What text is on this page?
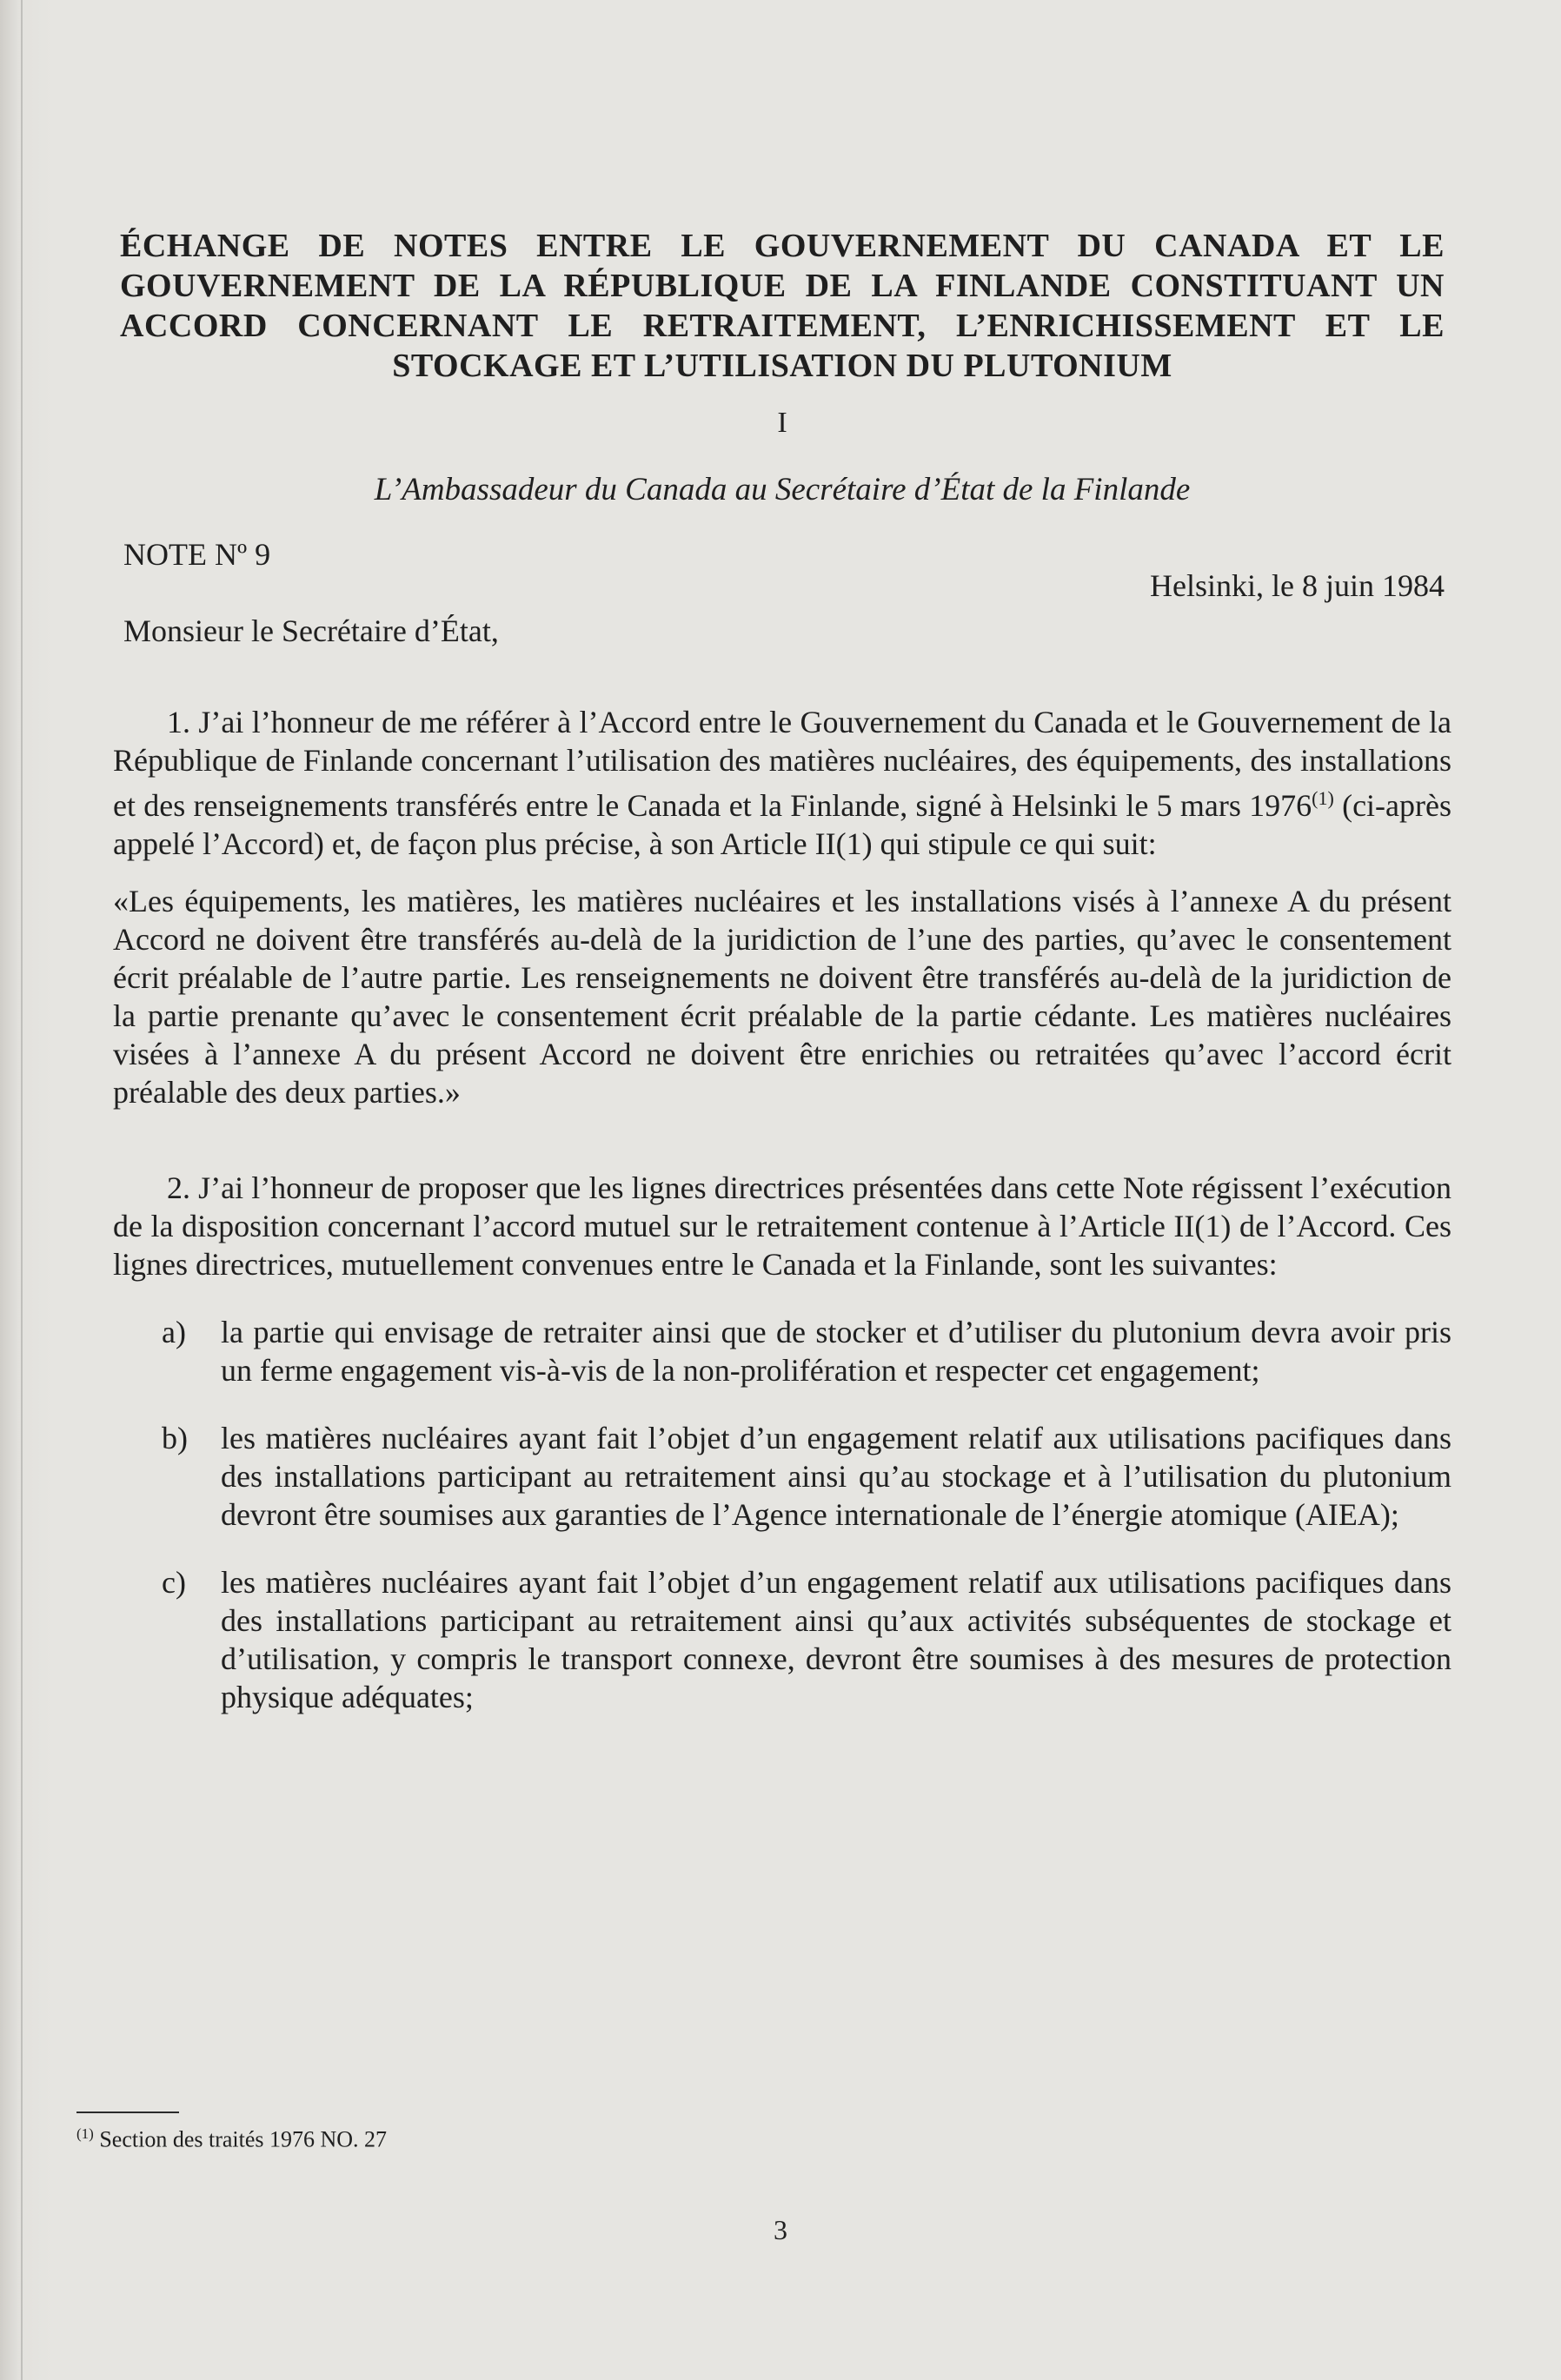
ÉCHANGE DE NOTES ENTRE LE GOUVERNEMENT DU CANADA ET LE GOUVERNEMENT DE LA RÉPUBLIQUE DE LA FINLANDE CONSTITUANT UN ACCORD CONCERNANT LE RETRAITEMENT, L’ENRICHISSEMENT ET LE STOCKAGE ET L’UTILISATION DU PLUTONIUM
I
L’Ambassadeur du Canada au Secrétaire d’État de la Finlande
NOTE Nº 9
Helsinki, le 8 juin 1984
Monsieur le Secrétaire d’État,

1. J’ai l’honneur de me référer à l’Accord entre le Gouvernement du Canada et le Gouvernement de la République de Finlande concernant l’utilisation des matières nucléaires, des équipements, des installations et des renseignements transférés entre le Canada et la Finlande, signé à Helsinki le 5 mars 1976$^{(1)}$ (ci-après appelé l’Accord) et, de façon plus précise, à son Article II(1) qui stipule ce qui suit:

«Les équipements, les matières, les matières nucléaires et les installations visés à l’annexe A du présent Accord ne doivent être transférés au-delà de la juridiction de l’une des parties, qu’avec le consentement écrit préalable de l’autre partie. Les renseignements ne doivent être transférés au-delà de la juridiction de la partie prenante qu’avec le consentement écrit préalable de la partie cédante. Les matières nucléaires visées à l’annexe A du présent Accord ne doivent être enrichies ou retraitées qu’avec l’accord écrit préalable des deux parties.»

2. J’ai l’honneur de proposer que les lignes directrices présentées dans cette Note régissent l’exécution de la disposition concernant l’accord mutuel sur le retraitement contenue à l’Article II(1) de l’Accord. Ces lignes directrices, mutuellement convenues entre le Canada et la Finlande, sont les suivantes:

a) la partie qui envisage de retraiter ainsi que de stocker et d’utiliser du plutonium devra avoir pris un ferme engagement vis-à-vis de la non-prolifération et respecter cet engagement;
b) les matières nucléaires ayant fait l’objet d’un engagement relatif aux utilisations pacifiques dans des installations participant au retraitement ainsi qu’au stockage et à l’utilisation du plutonium devront être soumises aux garanties de l’Agence internationale de l’énergie atomique (AIEA);
c) les matières nucléaires ayant fait l’objet d’un engagement relatif aux utilisations pacifiques dans des installations participant au retraitement ainsi qu’aux activités subséquentes de stockage et d’utilisation, y compris le transport connexe, devront être soumises à des mesures de protection physique adéquates;
$^{(1)}$ Section des traités 1976 NO. 27
3
